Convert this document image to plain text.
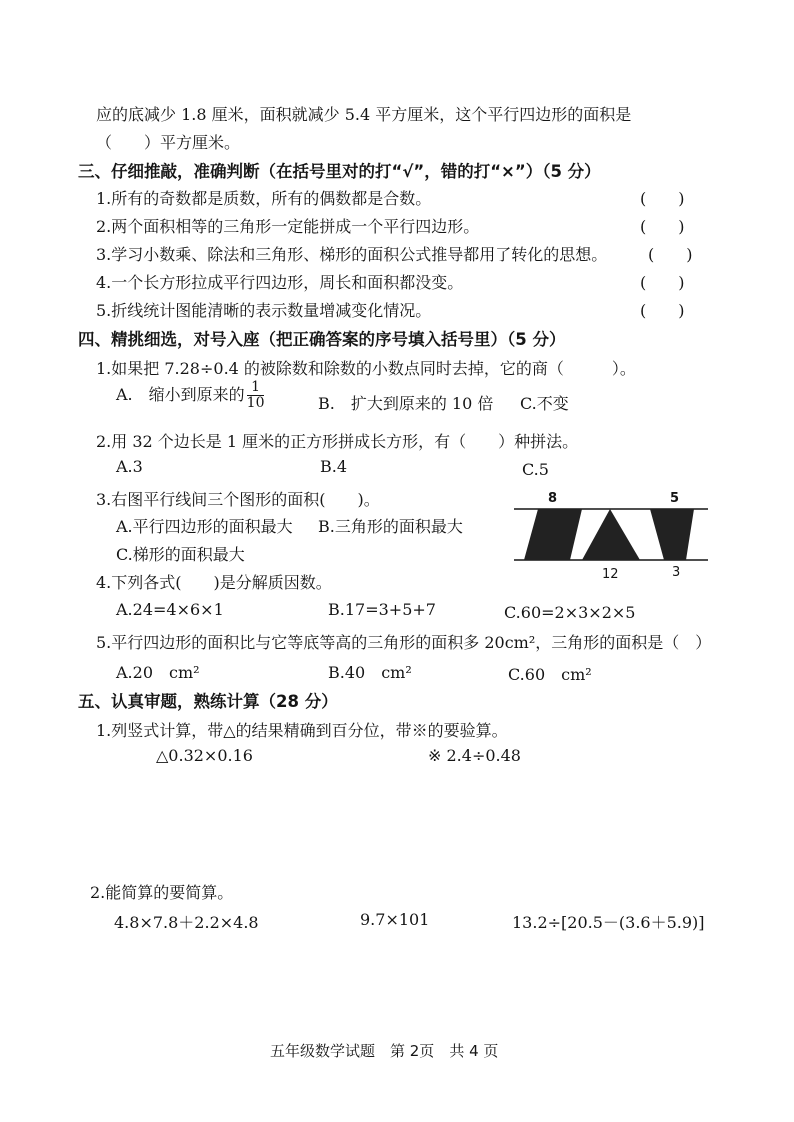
应的底减少 1.8 厘米，面积就减少 5.4 平方厘米，这个平行四边形的面积是
（　　）平方厘米。
三、仔细推敲，准确判断（在括号里对的打“√”，错的打“×”）（5 分）
1.所有的奇数都是质数，所有的偶数都是合数。	(　　)
2.两个面积相等的三角形一定能拼成一个平行四边形。	(　　)
3.学习小数乘、除法和三角形、梯形的面积公式推导都用了转化的思想。	(　　)
4.一个长方形拉成平行四边形，周长和面积都没变。	(　　)
5.折线统计图能清晰的表示数量增减变化情况。	(　　)
四、精挑细选，对号入座（把正确答案的序号填入括号里）（5 分）
1.如果把 7.28÷0.4 的被除数和除数的小数点同时去掉，它的商（　　　）。
A.　缩小到原来的 $\frac{1}{10}$	B.　扩大到原来的 10 倍 C.不变
2.用 32 个边长是 1 厘米的正方形拼成长方形，有（　　）种拼法。
A.3	B.4	C.5
3.右图平行线间三个图形的面积(　　)。
A.平行四边形的面积最大 B.三角形的面积最大
C.梯形的面积最大
8	5
12	3
4.下列各式(　　)是分解质因数。
A.24=4×6×1	B.17=3+5+7	C.60=2×3×2×5
5.平行四边形的面积比与它等底等高的三角形的面积多 20cm²，三角形的面积是（　）
A.20　cm²	B.40　cm²	C.60　cm²
五、认真审题，熟练计算（28 分）
1.列竖式计算，带△的结果精确到百分位，带※的要验算。
△0.32×0.16	※ 2.4÷0.48
2.能简算的要简算。
4.8×7.8＋2.2×4.8	9.7×101	13.2÷[20.5－(3.6＋5.9)]
五年级数学试题　第 2页　共 4 页
